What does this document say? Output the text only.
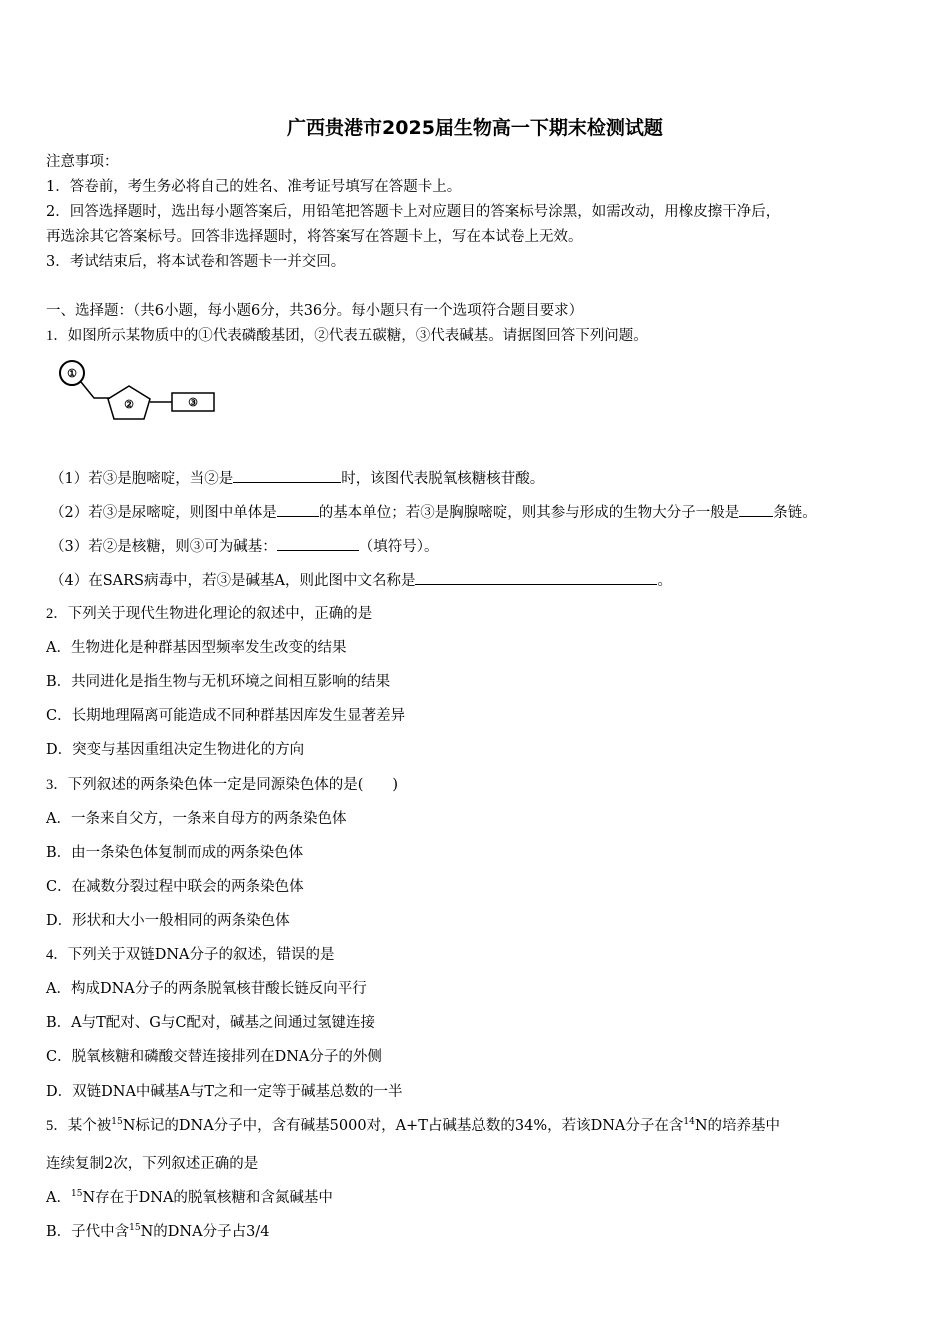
广西贵港市2025届生物高一下期末检测试题
注意事项：
1．答卷前，考生务必将自己的姓名、准考证号填写在答题卡上。
2．回答选择题时，选出每小题答案后，用铅笔把答题卡上对应题目的答案标号涂黑，如需改动，用橡皮擦干净后，
再选涂其它答案标号。回答非选择题时，将答案写在答题卡上，写在本试卷上无效。
3．考试结束后，将本试卷和答题卡一并交回。
一、选择题：（共6小题，每小题6分，共36分。每小题只有一个选项符合题目要求）
1．如图所示某物质中的①代表磷酸基团，②代表五碳糖，③代表碱基。请据图回答下列问题。
①
②	③
（1）若③是胞嘧啶，当②是	时，该图代表脱氧核糖核苷酸。
（2）若③是尿嘧啶，则图中单体是	的基本单位；若③是胸腺嘧啶，则其参与形成的生物大分子一般是 条链。
（3）若②是核糖，则③可为碱基：	（填符号）。
（4）在SARS病毒中，若③是碱基A，则此图中文名称是	。
2．下列关于现代生物进化理论的叙述中，正确的是
A．生物进化是种群基因型频率发生改变的结果
B．共同进化是指生物与无机环境之间相互影响的结果
C．长期地理隔离可能造成不同种群基因库发生显著差异
D．突变与基因重组决定生物进化的方向
3．下列叙述的两条染色体一定是同源染色体的是(　　)
A．一条来自父方，一条来自母方的两条染色体
B．由一条染色体复制而成的两条染色体
C．在减数分裂过程中联会的两条染色体
D．形状和大小一般相同的两条染色体
4．下列关于双链DNA分子的叙述，错误的是
A．构成DNA分子的两条脱氧核苷酸长链反向平行
B．A与T配对、G与C配对，碱基之间通过氢键连接
C．脱氧核糖和磷酸交替连接排列在DNA分子的外侧
D．双链DNA中碱基A与T之和一定等于碱基总数的一半
5．某个被$^{15}$N标记的DNA分子中，含有碱基5000对，A+T占碱基总数的34%，若该DNA分子在含$^{14}$N的培养基中
连续复制2次，下列叙述正确的是
A．$^{15}$N存在于DNA的脱氧核糖和含氮碱基中
B．子代中含$^{15}$N的DNA分子占3/4
